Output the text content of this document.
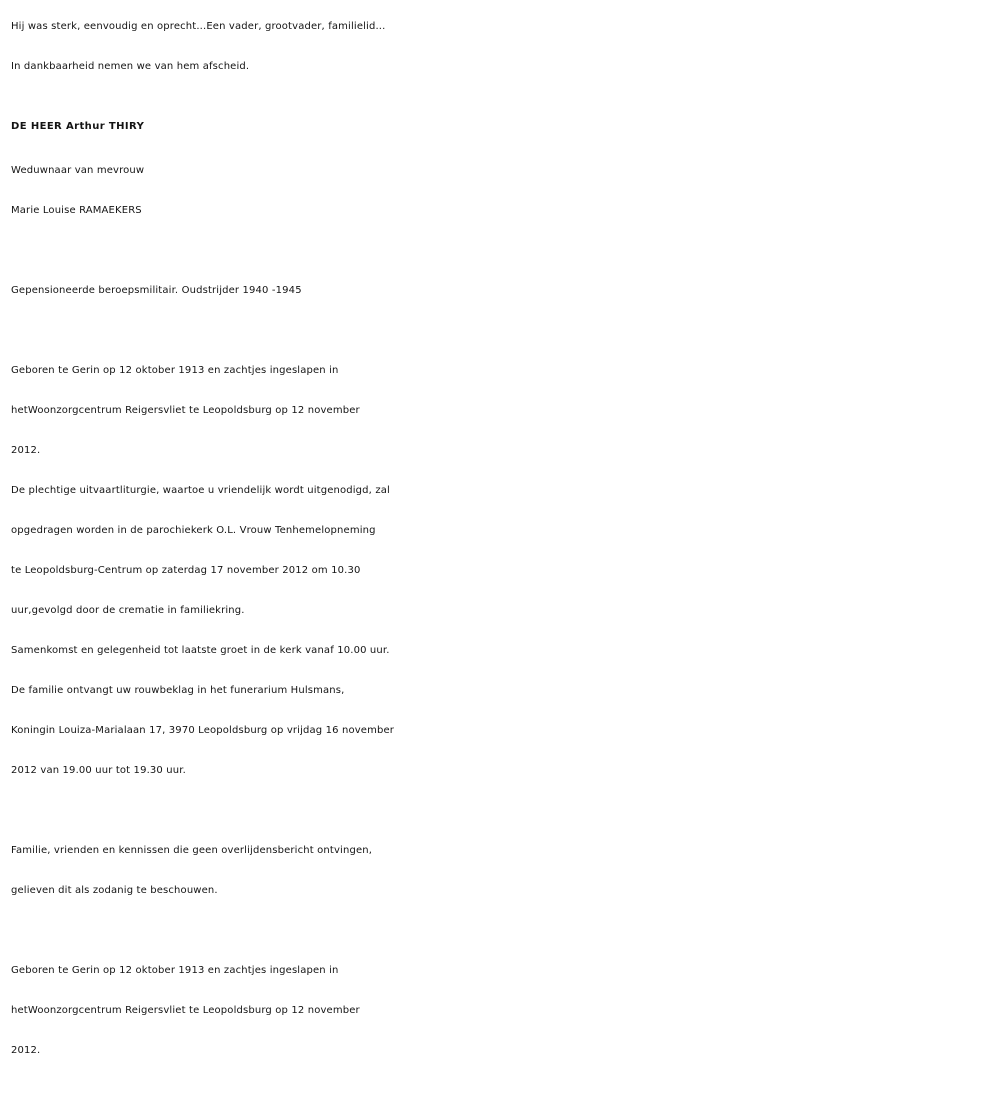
Hij was sterk, eenvoudig en oprecht...Een vader, grootvader, familielid...
In dankbaarheid nemen we van hem afscheid.
DE HEER Arthur THIRY
Weduwnaar van mevrouw
Marie Louise RAMAEKERS
Gepensioneerde beroepsmilitair. Oudstrijder 1940 -1945
Geboren te Gerin op 12 oktober 1913 en zachtjes ingeslapen in
hetWoonzorgcentrum Reigersvliet te Leopoldsburg op 12 november
2012.
De plechtige uitvaartliturgie, waartoe u vriendelijk wordt uitgenodigd, zal
opgedragen worden in de parochiekerk O.L. Vrouw Tenhemelopneming
te Leopoldsburg-Centrum op zaterdag 17 november 2012 om 10.30
uur,gevolgd door de crematie in familiekring.
Samenkomst en gelegenheid tot laatste groet in de kerk vanaf 10.00 uur.
De familie ontvangt uw rouwbeklag in het funerarium Hulsmans,
Koningin Louiza-Marialaan 17, 3970 Leopoldsburg op vrijdag 16 november
2012 van 19.00 uur tot 19.30 uur.
Familie, vrienden en kennissen die geen overlijdensbericht ontvingen,
gelieven dit als zodanig te beschouwen.
Geboren te Gerin op 12 oktober 1913 en zachtjes ingeslapen in
hetWoonzorgcentrum Reigersvliet te Leopoldsburg op 12 november
2012.
